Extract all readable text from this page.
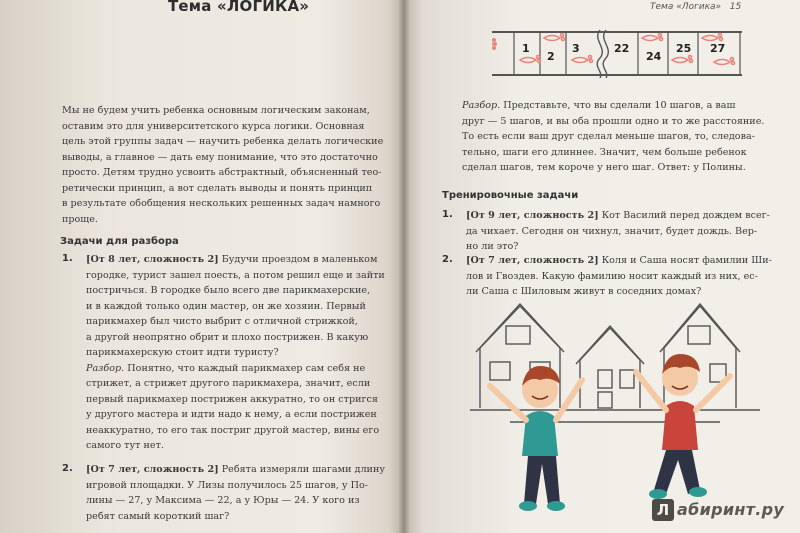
Тема «ЛОГИКА»
Мы не будем учить ребенка основным логическим законам,
оставим это для университетского курса логики. Основная
цель этой группы задач — научить ребенка делать логические
выводы, а главное — дать ему понимание, что это достаточно
просто. Детям трудно усвоить абстрактный, объясненный тео-
ретически принцип, а вот сделать выводы и понять принцип
в результате обобщения нескольких решенных задач намного
проще.
Задачи для разбора
1. [От 8 лет, сложность 2] Будучи проездом в маленьком
городке, турист зашел поесть, а потом решил еще и зайти
постричься. В городке было всего две парикмахерские,
и в каждой только один мастер, он же хозяин. Первый
парикмахер был чисто выбрит с отличной стрижкой,
а другой неопрятно обрит и плохо пострижен. В какую
парикмахерскую стоит идти туристу?
Разбор. Понятно, что каждый парикмахер сам себя не
стрижет, а стрижет другого парикмахера, значит, если
первый парикмахер пострижен аккуратно, то он стригся
у другого мастера и идти надо к нему, а если пострижен
неаккуратно, то его так постриг другой мастер, вины его
самого тут нет.
2. [От 7 лет, сложность 2] Ребята измеряли шагами длину
игровой площадки. У Лизы получилось 25 шагов, у По-
лины — 27, у Максима — 22, а у Юры — 24. У кого из
ребят самый короткий шаг?
Тема «Логика» 15
1
2
3	22
24
25 27
Разбор. Представьте, что вы сделали 10 шагов, а ваш
друг — 5 шагов, и вы оба прошли одно и то же расстояние.
То есть если ваш друг сделал меньше шагов, то, следова-
тельно, шаги его длиннее. Значит, чем больше ребенок
сделал шагов, тем короче у него шаг. Ответ: у Полины.
Тренировочные задачи
1. [От 9 лет, сложность 2] Кот Василий перед дождем всег-
да чихает. Сегодня он чихнул, значит, будет дождь. Вер-
но ли это?
2. [От 7 лет, сложность 2] Коля и Саша носят фамилии Ши-
лов и Гвоздев. Какую фамилию носит каждый из них, ес-
ли Саша с Шиловым живут в соседних домах?
Л абиринт.ру
